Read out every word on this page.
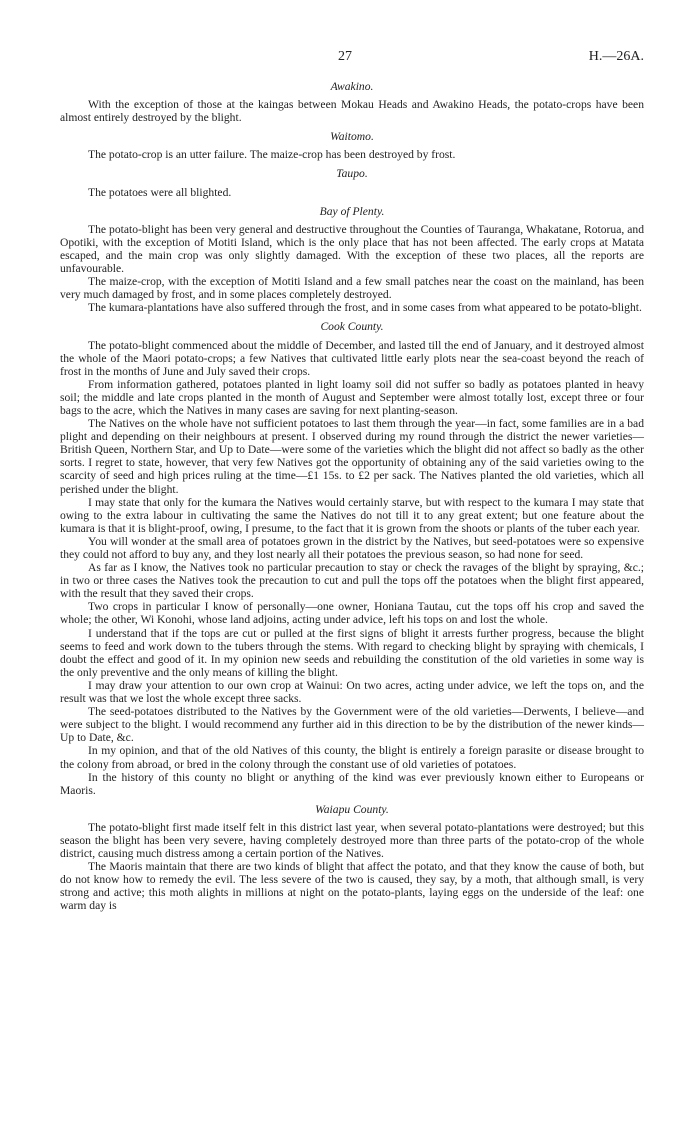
27	H.—26A.
Awakino.

With the exception of those at the kaingas between Mokau Heads and Awakino Heads, the potato-crops have been almost entirely destroyed by the blight.

Waitomo.

The potato-crop is an utter failure. The maize-crop has been destroyed by frost.

Taupo.

The potatoes were all blighted.

Bay of Plenty.

The potato-blight has been very general and destructive throughout the Counties of Tauranga, Whakatane, Rotorua, and Opotiki, with the exception of Motiti Island, which is the only place that has not been affected. The early crops at Matata escaped, and the main crop was only slightly damaged. With the exception of these two places, all the reports are unfavourable.

The maize-crop, with the exception of Motiti Island and a few small patches near the coast on the mainland, has been very much damaged by frost, and in some places completely destroyed.

The kumara-plantations have also suffered through the frost, and in some cases from what appeared to be potato-blight.

Cook County.

The potato-blight commenced about the middle of December, and lasted till the end of January, and it destroyed almost the whole of the Maori potato-crops; a few Natives that cultivated little early plots near the sea-coast beyond the reach of frost in the months of June and July saved their crops.

From information gathered, potatoes planted in light loamy soil did not suffer so badly as potatoes planted in heavy soil; the middle and late crops planted in the month of August and September were almost totally lost, except three or four bags to the acre, which the Natives in many cases are saving for next planting-season.

The Natives on the whole have not sufficient potatoes to last them through the year—in fact, some families are in a bad plight and depending on their neighbours at present. I observed during my round through the district the newer varieties—British Queen, Northern Star, and Up to Date—were some of the varieties which the blight did not affect so badly as the other sorts. I regret to state, however, that very few Natives got the opportunity of obtaining any of the said varieties owing to the scarcity of seed and high prices ruling at the time—£1 15s. to £2 per sack. The Natives planted the old varieties, which all perished under the blight.

I may state that only for the kumara the Natives would certainly starve, but with respect to the kumara I may state that owing to the extra labour in cultivating the same the Natives do not till it to any great extent; but one feature about the kumara is that it is blight-proof, owing, I presume, to the fact that it is grown from the shoots or plants of the tuber each year.

You will wonder at the small area of potatoes grown in the district by the Natives, but seed-potatoes were so expensive they could not afford to buy any, and they lost nearly all their potatoes the previous season, so had none for seed.

As far as I know, the Natives took no particular precaution to stay or check the ravages of the blight by spraying, &c.; in two or three cases the Natives took the precaution to cut and pull the tops off the potatoes when the blight first appeared, with the result that they saved their crops.

Two crops in particular I know of personally—one owner, Honiana Tautau, cut the tops off his crop and saved the whole; the other, Wi Konohi, whose land adjoins, acting under advice, left his tops on and lost the whole.

I understand that if the tops are cut or pulled at the first signs of blight it arrests further progress, because the blight seems to feed and work down to the tubers through the stems. With regard to checking blight by spraying with chemicals, I doubt the effect and good of it. In my opinion new seeds and rebuilding the constitution of the old varieties in some way is the only preventive and the only means of killing the blight.

I may draw your attention to our own crop at Wainui: On two acres, acting under advice, we left the tops on, and the result was that we lost the whole except three sacks.

The seed-potatoes distributed to the Natives by the Government were of the old varieties—Derwents, I believe—and were subject to the blight. I would recommend any further aid in this direction to be by the distribution of the newer kinds—Up to Date, &c.

In my opinion, and that of the old Natives of this county, the blight is entirely a foreign parasite or disease brought to the colony from abroad, or bred in the colony through the constant use of old varieties of potatoes.

In the history of this county no blight or anything of the kind was ever previously known either to Europeans or Maoris.

Waiapu County.

The potato-blight first made itself felt in this district last year, when several potato-plantations were destroyed; but this season the blight has been very severe, having completely destroyed more than three parts of the potato-crop of the whole district, causing much distress among a certain portion of the Natives.

The Maoris maintain that there are two kinds of blight that affect the potato, and that they know the cause of both, but do not know how to remedy the evil. The less severe of the two is caused, they say, by a moth, that although small, is very strong and active; this moth alights in millions at night on the potato-plants, laying eggs on the underside of the leaf: one warm day is
